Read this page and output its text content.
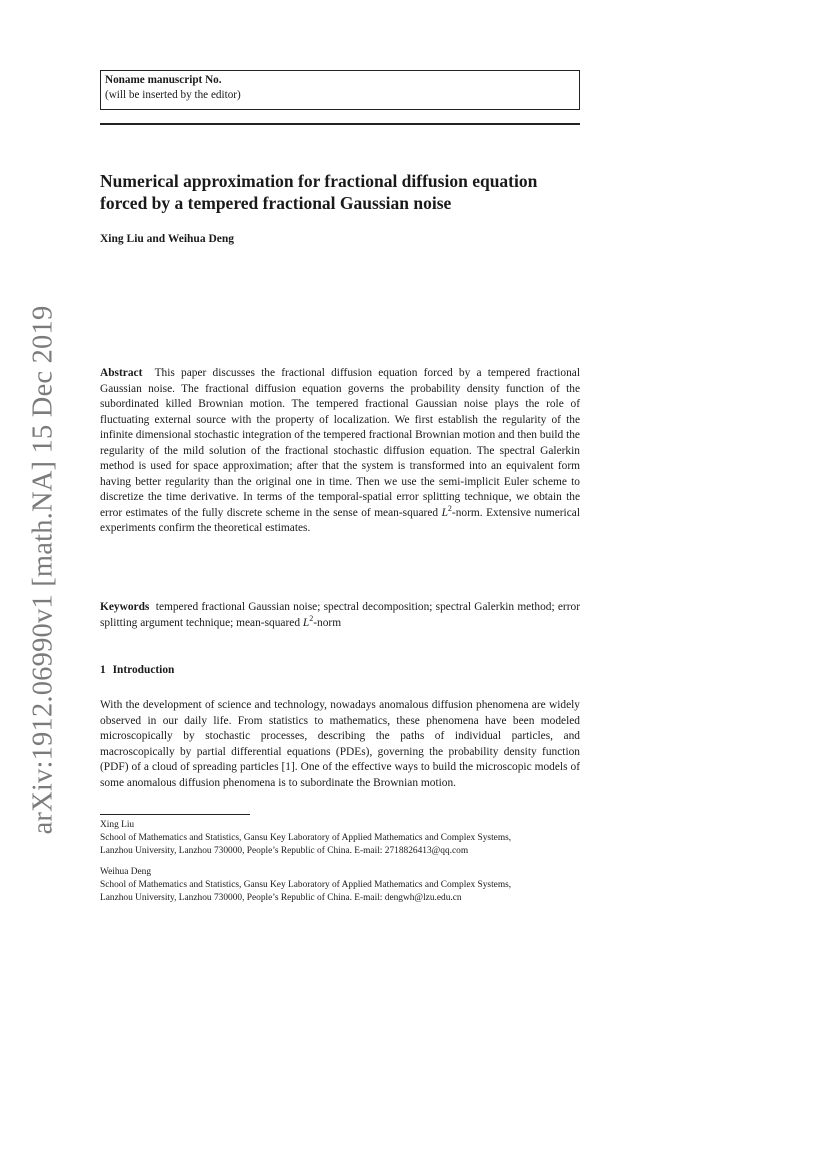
arXiv:1912.06990v1 [math.NA] 15 Dec 2019
Noname manuscript No.
(will be inserted by the editor)
Numerical approximation for fractional diffusion equation
forced by a tempered fractional Gaussian noise
Xing Liu and Weihua Deng

Abstract This paper discusses the fractional diffusion equation forced by a tempered fractional Gaussian noise. The fractional diffusion equation governs the probability density function of the subordinated killed Brownian motion. The tempered fractional Gaussian noise plays the role of fluctuating external source with the property of localization. We first establish the regularity of the infinite dimensional stochastic integration of the tempered fractional Brownian motion and then build the regularity of the mild solution of the fractional stochastic diffusion equation. The spectral Galerkin method is used for space approximation; after that the system is transformed into an equivalent form having better regularity than the original one in time. Then we use the semi-implicit Euler scheme to discretize the time derivative. In terms of the temporal-spatial error splitting technique, we obtain the error estimates of the fully discrete scheme in the sense of mean-squared $L^2$-norm. Extensive numerical experiments confirm the theoretical estimates.

Keywords tempered fractional Gaussian noise; spectral decomposition; spectral Galerkin method; error splitting argument technique; mean-squared $L^2$-norm

1 Introduction

With the development of science and technology, nowadays anomalous diffusion phenomena are widely observed in our daily life. From statistics to mathematics, these phenomena have been modeled microscopically by stochastic processes, describing the paths of individual particles, and macroscopically by partial differential equations (PDEs), governing the probability density function (PDF) of a cloud of spreading particles [1]. One of the effective ways to build the microscopic models of some anomalous diffusion phenomena is to subordinate the Brownian motion.

Xing Liu

School of Mathematics and Statistics, Gansu Key Laboratory of Applied Mathematics and Complex Systems,

Lanzhou University, Lanzhou 730000, People’s Republic of China. E-mail: 2718826413@qq.com

Weihua Deng

School of Mathematics and Statistics, Gansu Key Laboratory of Applied Mathematics and Complex Systems,

Lanzhou University, Lanzhou 730000, People’s Republic of China. E-mail: dengwh@lzu.edu.cn
